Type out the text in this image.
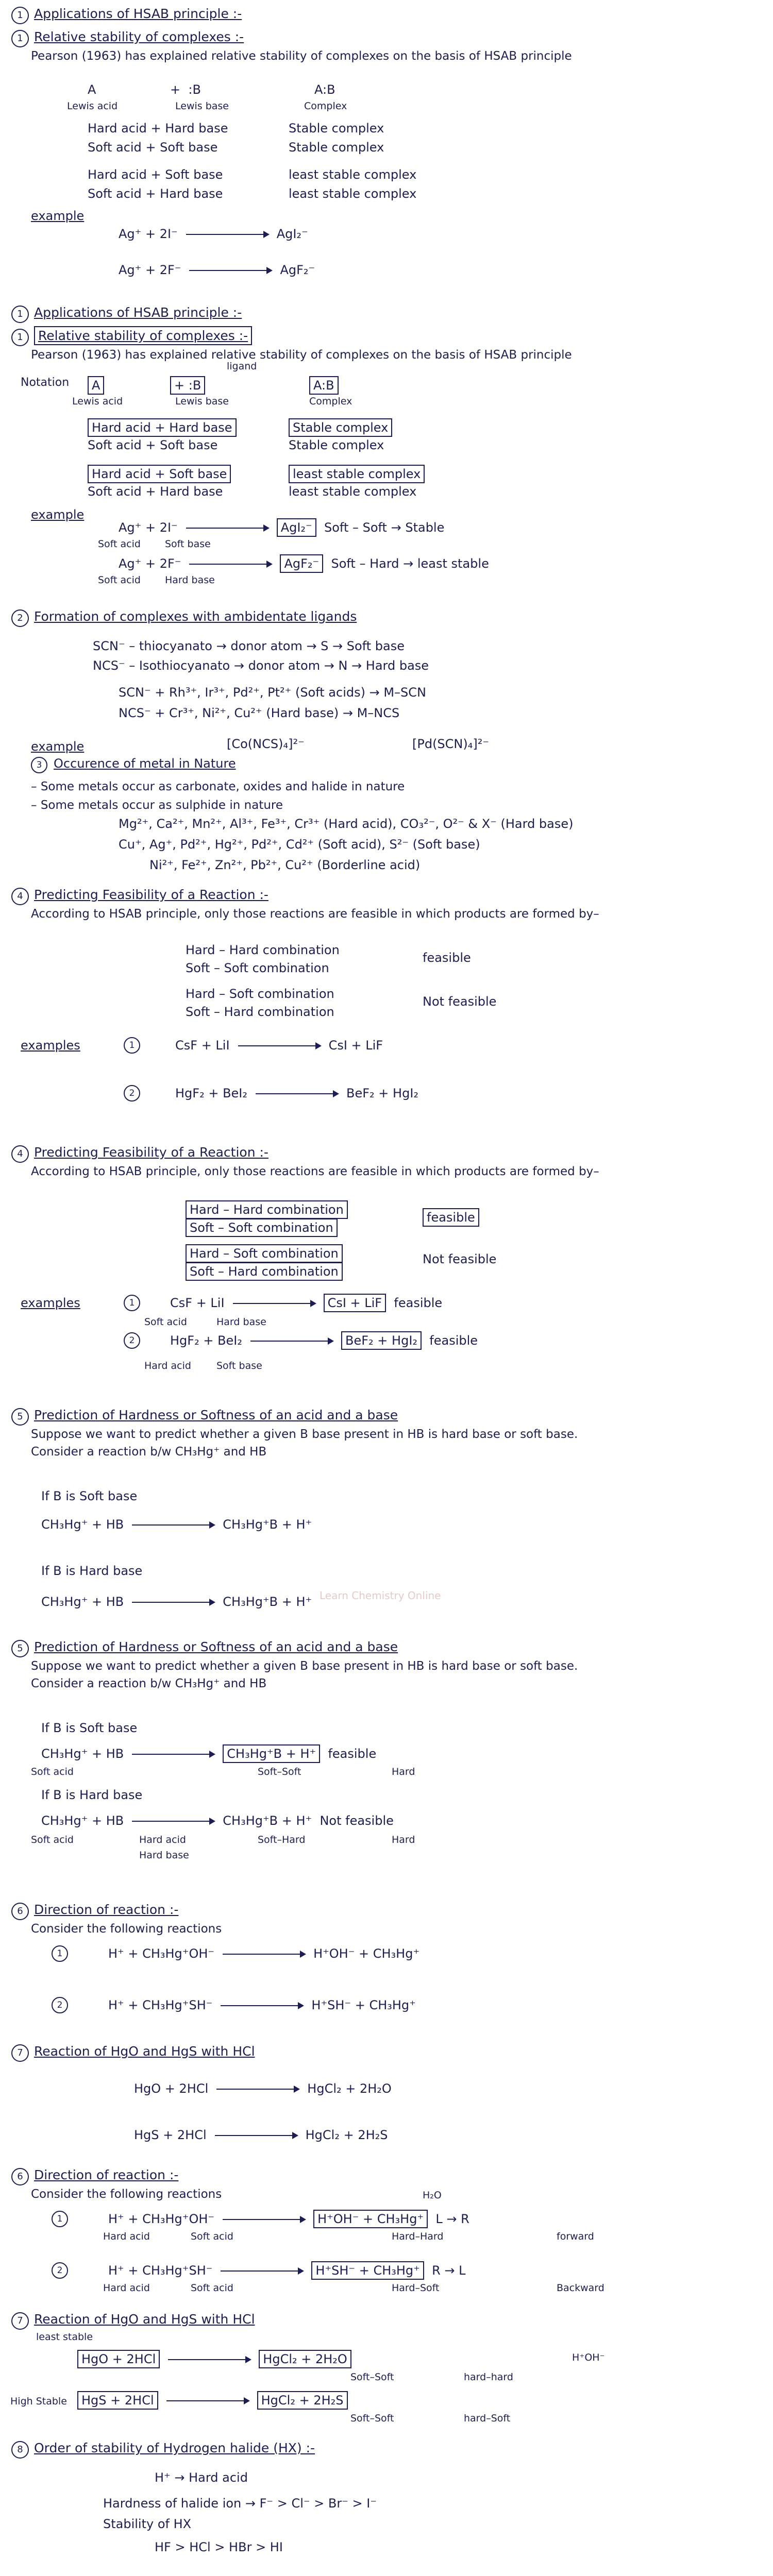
1 Applications of HSAB principle :-
1 Relative stability of complexes :-
Pearson (1963) has explained relative stability of complexes on the basis of HSAB principle
A	+ :B	A:B
Lewis acid	Lewis base	Complex
Hard acid + Hard base	Stable complex
Soft acid + Soft base	Stable complex
Hard acid + Soft base	least stable complex
Soft acid + Hard base	least stable complex
example
Ag⁺ + 2I⁻	AgI₂⁻
Ag⁺ + 2F⁻	AgF₂⁻
1 Applications of HSAB principle :-
1 Relative stability of complexes :-
Pearson (1963) has explained relative stability of complexes on the basis of HSAB principle
Notation
ligand
A	+ :B	A:B
Lewis acid	Lewis base	Complex
Hard acid + Hard base	Stable complex
Soft acid + Soft base	Stable complex
Hard acid + Soft base	least stable complex
Soft acid + Hard base	least stable complex
example
Ag⁺ + 2I⁻	AgI₂⁻ Soft – Soft → Stable
Soft acid Soft base
Ag⁺ + 2F⁻	AgF₂⁻ Soft – Hard → least stable
Soft acid Hard base
2 Formation of complexes with ambidentate ligands
SCN⁻ – thiocyanato → donor atom → S → Soft base
NCS⁻ – Isothiocyanato → donor atom → N → Hard base
SCN⁻ + Rh³⁺, Ir³⁺, Pd²⁺, Pt²⁺ (Soft acids) → M–SCN
NCS⁻ + Cr³⁺, Ni²⁺, Cu²⁺ (Hard base) → M–NCS
example	[Co(NCS)₄]²⁻	[Pd(SCN)₄]²⁻
3 Occurence of metal in Nature
– Some metals occur as carbonate, oxides and halide in nature
– Some metals occur as sulphide in nature
Mg²⁺, Ca²⁺, Mn²⁺, Al³⁺, Fe³⁺, Cr³⁺ (Hard acid), CO₃²⁻, O²⁻ & X⁻ (Hard base)
Cu⁺, Ag⁺, Pd²⁺, Hg²⁺, Pd²⁺, Cd²⁺ (Soft acid), S²⁻ (Soft base)
Ni²⁺, Fe²⁺, Zn²⁺, Pb²⁺, Cu²⁺ (Borderline acid)
4 Predicting Feasibility of a Reaction :-
According to HSAB principle, only those reactions are feasible in which products are formed by–
Hard – Hard combination
Soft – Soft combination
feasible
Hard – Soft combination
Soft – Hard combination
Not feasible
examples	1	CsF + LiI	CsI + LiF
2	HgF₂ + BeI₂	BeF₂ + HgI₂
4 Predicting Feasibility of a Reaction :-
According to HSAB principle, only those reactions are feasible in which products are formed by–
Hard – Hard combination
Soft – Soft combination
feasible
Hard – Soft combination
Soft – Hard combination
Not feasible
examples	1	CsF + LiI	CsI + LiF feasible
Soft acid	Hard base
2	HgF₂ + BeI₂	BeF₂ + HgI₂ feasible
Hard acid	Soft base
5 Prediction of Hardness or Softness of an acid and a base
Suppose we want to predict whether a given B base present in HB is hard base or soft base.
Consider a reaction b/w CH₃Hg⁺ and HB
If B is Soft base
CH₃Hg⁺ + HB	CH₃Hg⁺B + H⁺
If B is Hard base
CH₃Hg⁺ + HB	CH₃Hg⁺B + H⁺
5 Prediction of Hardness or Softness of an acid and a base
Suppose we want to predict whether a given B base present in HB is hard base or soft base.
Consider a reaction b/w CH₃Hg⁺ and HB
If B is Soft base
CH₃Hg⁺ + HB	CH₃Hg⁺B + H⁺ feasible
Soft acid	Soft–Soft	Hard
If B is Hard base
CH₃Hg⁺ + HB	CH₃Hg⁺B + H⁺ Not feasible
Soft acid	Hard acid	Soft–Hard	Hard
Hard base
6 Direction of reaction :-
Consider the following reactions
1	H⁺ + CH₃Hg⁺OH⁻	H⁺OH⁻ + CH₃Hg⁺
2	H⁺ + CH₃Hg⁺SH⁻	H⁺SH⁻ + CH₃Hg⁺
7 Reaction of HgO and HgS with HCl
HgO + 2HCl	HgCl₂ + 2H₂O
HgS + 2HCl	HgCl₂ + 2H₂S
6 Direction of reaction :-
Consider the following reactions	H₂O
1	H⁺ + CH₃Hg⁺OH⁻	H⁺OH⁻ + CH₃Hg⁺ L → R
Hard acid	Soft acid	Hard–Hard	forward
2	H⁺ + CH₃Hg⁺SH⁻	H⁺SH⁻ + CH₃Hg⁺ R → L
Hard acid	Soft acid	Hard–Soft	Backward
7 Reaction of HgO and HgS with HCl
least stable
HgO + 2HCl	HgCl₂ + 2H₂O	H⁺OH⁻
Soft–Soft	hard–hard
High Stable	HgS + 2HCl	HgCl₂ + 2H₂S
Soft–Soft	hard–Soft
8 Order of stability of Hydrogen halide (HX) :-
H⁺ → Hard acid
Hardness of halide ion → F⁻ > Cl⁻ > Br⁻ > I⁻
Stability of HX
HF > HCl > HBr > HI
Learn Chemistry Online
